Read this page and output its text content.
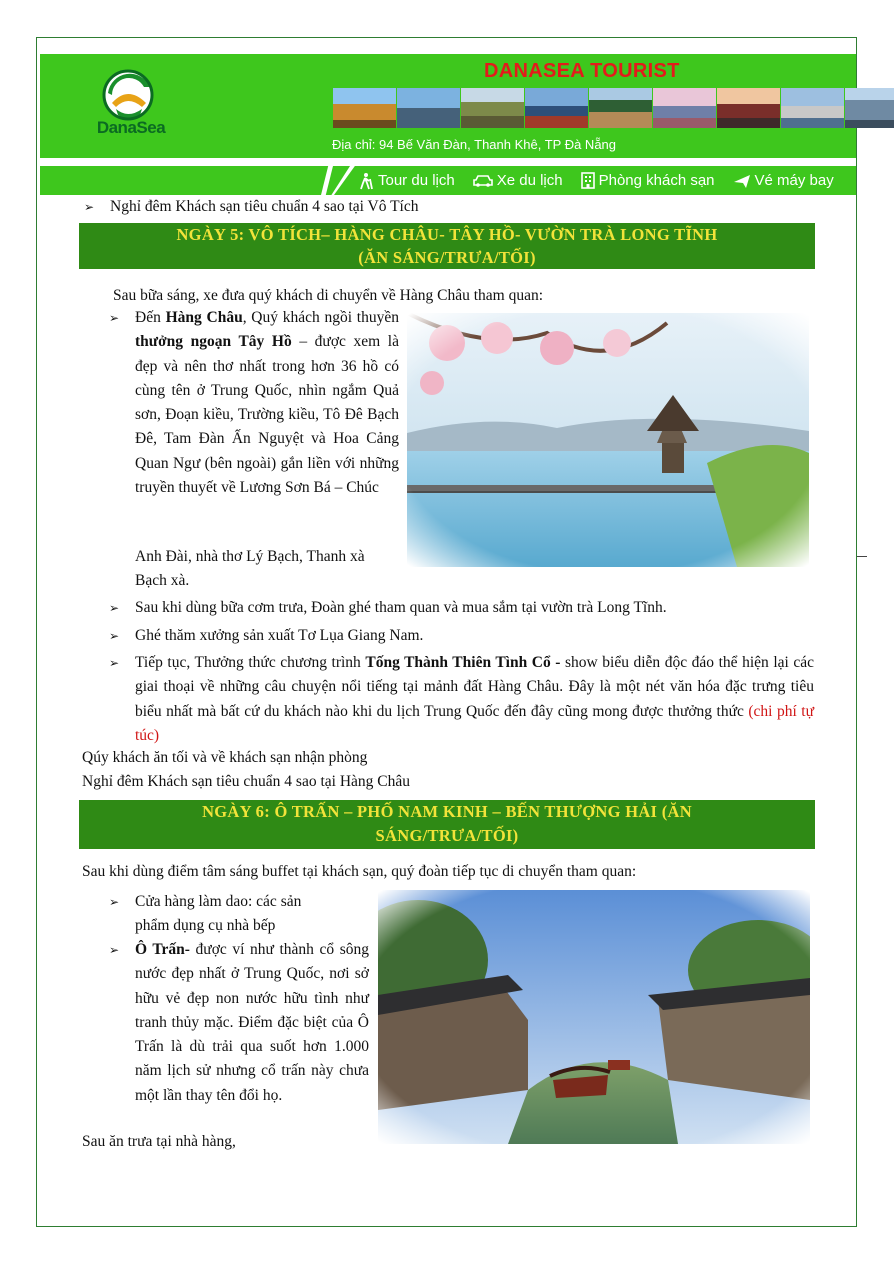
DanaSea
DANASEA TOURIST
Địa chỉ: 94 Bế Văn Đàn, Thanh Khê, TP Đà Nẵng
Tour du lịch	Xe du lịch Phòng khách sạn	Vé máy bay
➢ Nghỉ đêm Khách sạn tiêu chuẩn 4 sao tại Vô Tích
NGÀY 5: VÔ TÍCH– HÀNG CHÂU- TÂY HỒ- VƯỜN TRÀ LONG TĨNH
(ĂN SÁNG/TRƯA/TỐI)
Sau bữa sáng, xe đưa quý khách di chuyển về Hàng Châu tham quan:
➢	Đến Hàng Châu, Quý khách ngồi thuyền thưởng ngoạn Tây Hồ – được xem là đẹp và nên thơ nhất trong hơn 36 hồ có cùng tên ở Trung Quốc, nhìn ngắm Quả sơn, Đoạn kiều, Trường kiều, Tô Đê Bạch Đê, Tam Đàn Ấn Nguyệt và Hoa Cảng Quan Ngư (bên ngoài) gắn liền với những truyền thuyết về Lương Sơn Bá – Chúc
Anh Đài, nhà thơ Lý Bạch, Thanh xà
Bạch xà.
➢ Sau khi dùng bữa cơm trưa, Đoàn ghé tham quan và mua sắm tại vườn trà Long Tĩnh.
➢ Ghé thăm xưởng sản xuất Tơ Lụa Giang Nam.
➢	Tiếp tục, Thưởng thức chương trình Tống Thành Thiên Tình Cổ - show biểu diễn độc đáo thể hiện lại các giai thoại về những câu chuyện nổi tiếng tại mảnh đất Hàng Châu. Đây là một nét văn hóa đặc trưng tiêu biểu nhất mà bất cứ du khách nào khi du lịch Trung Quốc đến đây cũng mong được thưởng thức (chi phí tự túc)
Qúy khách ăn tối và về khách sạn nhận phòng
Nghỉ đêm Khách sạn tiêu chuẩn 4 sao tại Hàng Châu
NGÀY 6: Ô TRẤN – PHỐ NAM KINH – BẾN THƯỢNG HẢI (ĂN
SÁNG/TRƯA/TỐI)
Sau khi dùng điểm tâm sáng buffet tại khách sạn, quý đoàn tiếp tục di chuyển tham quan:
➢ Cửa hàng làm dao: các sản
phẩm dụng cụ nhà bếp
➢	Ô Trấn- được ví như thành cổ sông nước đẹp nhất ở Trung Quốc, nơi sở hữu vẻ đẹp non nước hữu tình như tranh thủy mặc. Điểm đặc biệt của Ô Trấn là dù trải qua suốt hơn 1.000 năm lịch sử nhưng cổ trấn này chưa một lần thay tên đổi họ.
Sau ăn trưa tại nhà hàng,
